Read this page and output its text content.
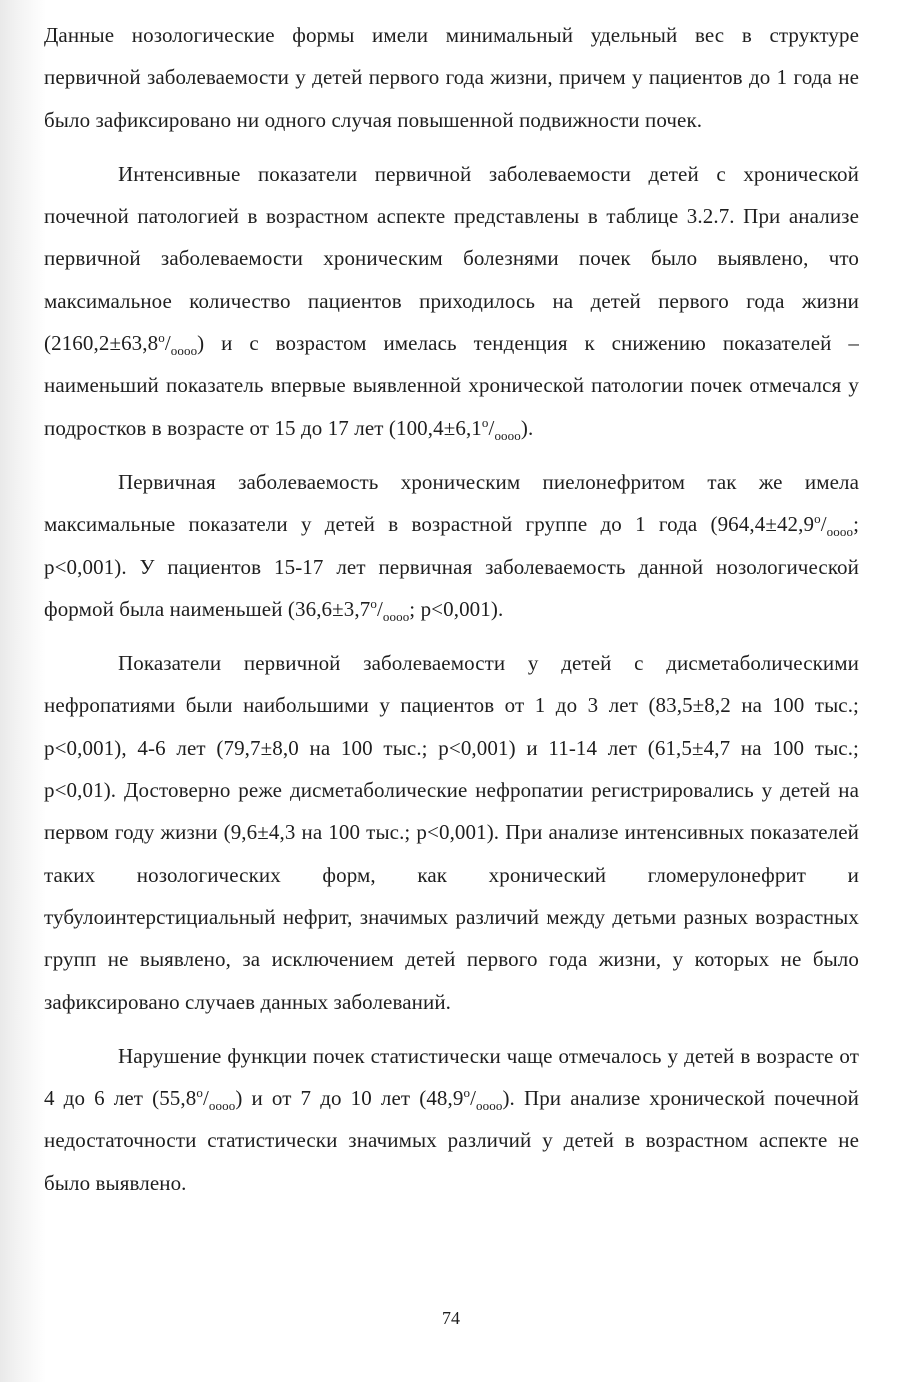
Данные нозологические формы имели минимальный удельный вес в структуре первичной заболеваемости у детей первого года жизни, причем у пациентов до 1 года не было зафиксировано ни одного случая повышенной подвижности почек.

Интенсивные показатели первичной заболеваемости детей с хронической почечной патологией в возрастном аспекте представлены в таблице 3.2.7. При анализе первичной заболеваемости хроническим болезнями почек было выявлено, что максимальное количество пациентов приходилось на детей первого года жизни $(2160,2\pm 63,8^o/_{oooo})$ и с возрастом имелась тенденция к снижению показателей – наименьший показатель впервые выявленной хронической патологии почек отмечался у подростков в возрасте от 15 до 17 лет $(100,4\pm 6,1^o/_{oooo})$.

Первичная заболеваемость хроническим пиелонефритом так же имела максимальные показатели у детей в возрастной группе до 1 года ($964,4\pm 42,9^o/_{oooo}$; р<0,001). У пациентов 15-17 лет первичная заболеваемость данной нозологической формой была наименьшей ($36,6\pm 3,7^o/_{oooo}$; р<0,001).

Показатели первичной заболеваемости у детей с дисметаболическими нефропатиями были наибольшими у пациентов от 1 до 3 лет (83,5±8,2 на 100 тыс.; р<0,001), 4-6 лет (79,7±8,0 на 100 тыс.; р<0,001) и 11-14 лет (61,5±4,7 на 100 тыс.; р<0,01). Достоверно реже дисметаболические нефропатии регистрировались у детей на первом году жизни (9,6±4,3 на 100 тыс.; р<0,001). При анализе интенсивных показателей таких нозологических форм, как хронический гломерулонефрит и тубулоинтерстициальный нефрит, значимых различий между детьми разных возрастных групп не выявлено, за исключением детей первого года жизни, у которых не было зафиксировано случаев данных заболеваний.

Нарушение функции почек статистически чаще отмечалось у детей в возрасте от 4 до 6 лет $(55,8^o/_{oooo})$ и от 7 до 10 лет $(48,9^o/_{oooo})$. При анализе хронической почечной недостаточности статистически значимых различий у детей в возрастном аспекте не было выявлено.

74
